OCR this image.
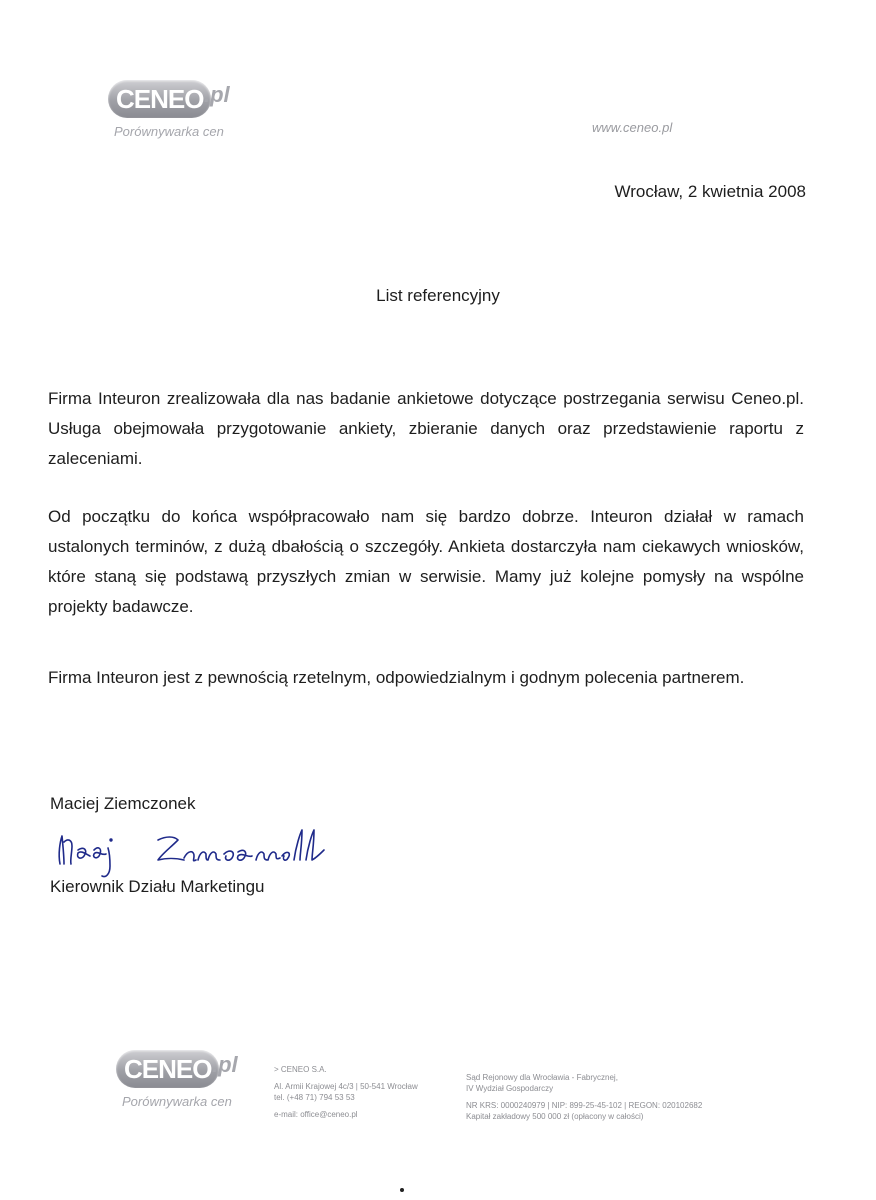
CENEO .pl
Porównywarka cen	www.ceneo.pl
Wrocław, 2 kwietnia 2008
List referencyjny

Firma Inteuron zrealizowała dla nas badanie ankietowe dotyczące postrzegania serwisu Ceneo.pl. Usługa obejmowała przygotowanie ankiety, zbieranie danych oraz przedstawienie raportu z zaleceniami.

Od początku do końca współpracowało nam się bardzo dobrze. Inteuron działał w ramach ustalonych terminów, z dużą dbałością o szczegóły. Ankieta dostarczyła nam ciekawych wniosków, które staną się podstawą przyszłych zmian w serwisie. Mamy już kolejne pomysły na wspólne projekty badawcze.

Firma Inteuron jest z pewnością rzetelnym, odpowiedzialnym i godnym polecenia partnerem.

Maciej Ziemczonek
Kierownik Działu Marketingu
CENEO .pl
Porównywarka cen
> CENEO S.A.
Al. Armii Krajowej 4c/3 | 50-541 Wrocław
tel. (+48 71) 794 53 53
e-mail: office@ceneo.pl
Sąd Rejonowy dla Wrocławia - Fabrycznej,
IV Wydział Gospodarczy
NR KRS: 0000240979 | NIP: 899-25-45-102 | REGON: 020102682
Kapitał zakładowy 500 000 zł (opłacony w całości)
